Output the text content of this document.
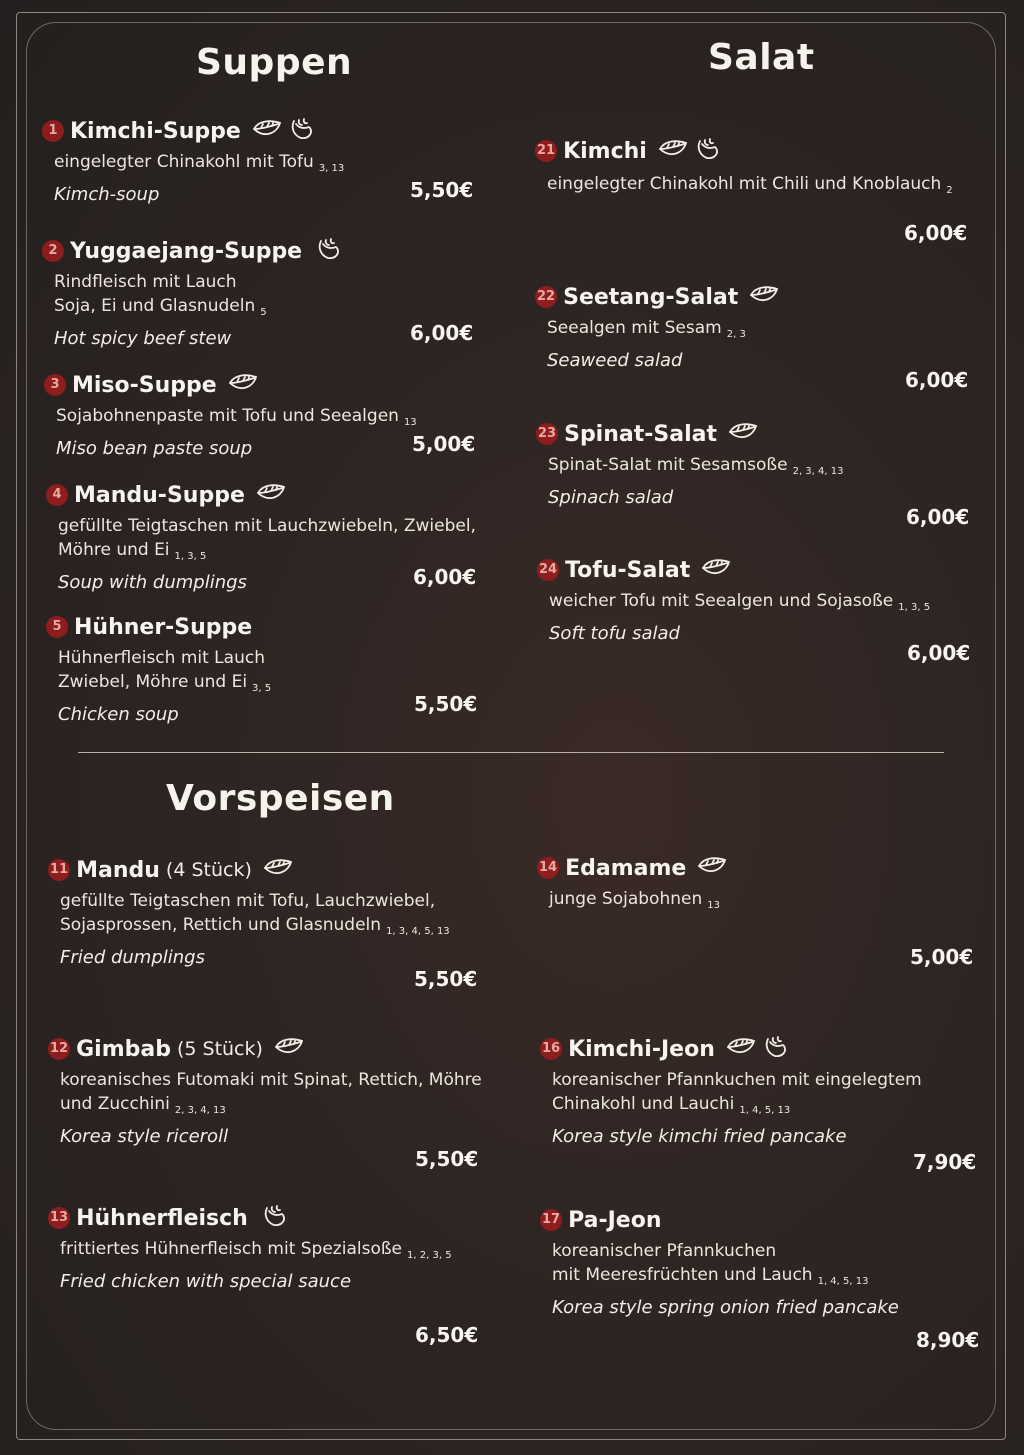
Suppen	Salat
Vorspeisen
1 Kimchi-Suppe
eingelegter Chinakohl mit Tofu $_{3, 13}$
Kimch-soup	5,50€
2 Yuggaejang-Suppe
Rindfleisch mit Lauch
Soja, Ei und Glasnudeln $_5$
Hot spicy beef stew	6,00€
3 Miso-Suppe
Sojabohnenpaste mit Tofu und Seealgen $_{13}$
Miso bean paste soup	5,00€
4 Mandu-Suppe
gefüllte Teigtaschen mit Lauchzwiebeln, Zwiebel,
Möhre und Ei $_{1, 3, 5}$
Soup with dumplings	6,00€
5 Hühner-Suppe
Hühnerfleisch mit Lauch
Zwiebel, Möhre und Ei $_{3, 5}$
Chicken soup	5,50€
21 Kimchi
eingelegter Chinakohl mit Chili und Knoblauch $_2$
6,00€
22 Seetang-Salat
Seealgen mit Sesam $_{2, 3}$
Seaweed salad
6,00€
23 Spinat-Salat
Spinat-Salat mit Sesamsoße $_{2, 3, 4, 13}$
Spinach salad
6,00€
24 Tofu-Salat
weicher Tofu mit Seealgen und Sojasoße $_{1, 3, 5}$
Soft tofu salad
6,00€
11 Mandu (4 Stück)
gefüllte Teigtaschen mit Tofu, Lauchzwiebel,
Sojasprossen, Rettich und Glasnudeln $_{1, 3, 4, 5, 13}$
Fried dumplings
5,50€
12 Gimbab (5 Stück)
koreanisches Futomaki mit Spinat, Rettich, Möhre
und Zucchini $_{2, 3, 4, 13}$
Korea style riceroll
5,50€
13 Hühnerfleisch
frittiertes Hühnerfleisch mit Spezialsoße $_{1, 2, 3, 5}$
Fried chicken with special sauce
6,50€
14 Edamame
junge Sojabohnen $_{13}$
5,00€
16 Kimchi-Jeon
koreanischer Pfannkuchen mit eingelegtem
Chinakohl und Lauchi $_{1, 4, 5, 13}$
Korea style kimchi fried pancake
7,90€
17 Pa-Jeon
koreanischer Pfannkuchen
mit Meeresfrüchten und Lauch $_{1, 4, 5, 13}$
Korea style spring onion fried pancake
8,90€
